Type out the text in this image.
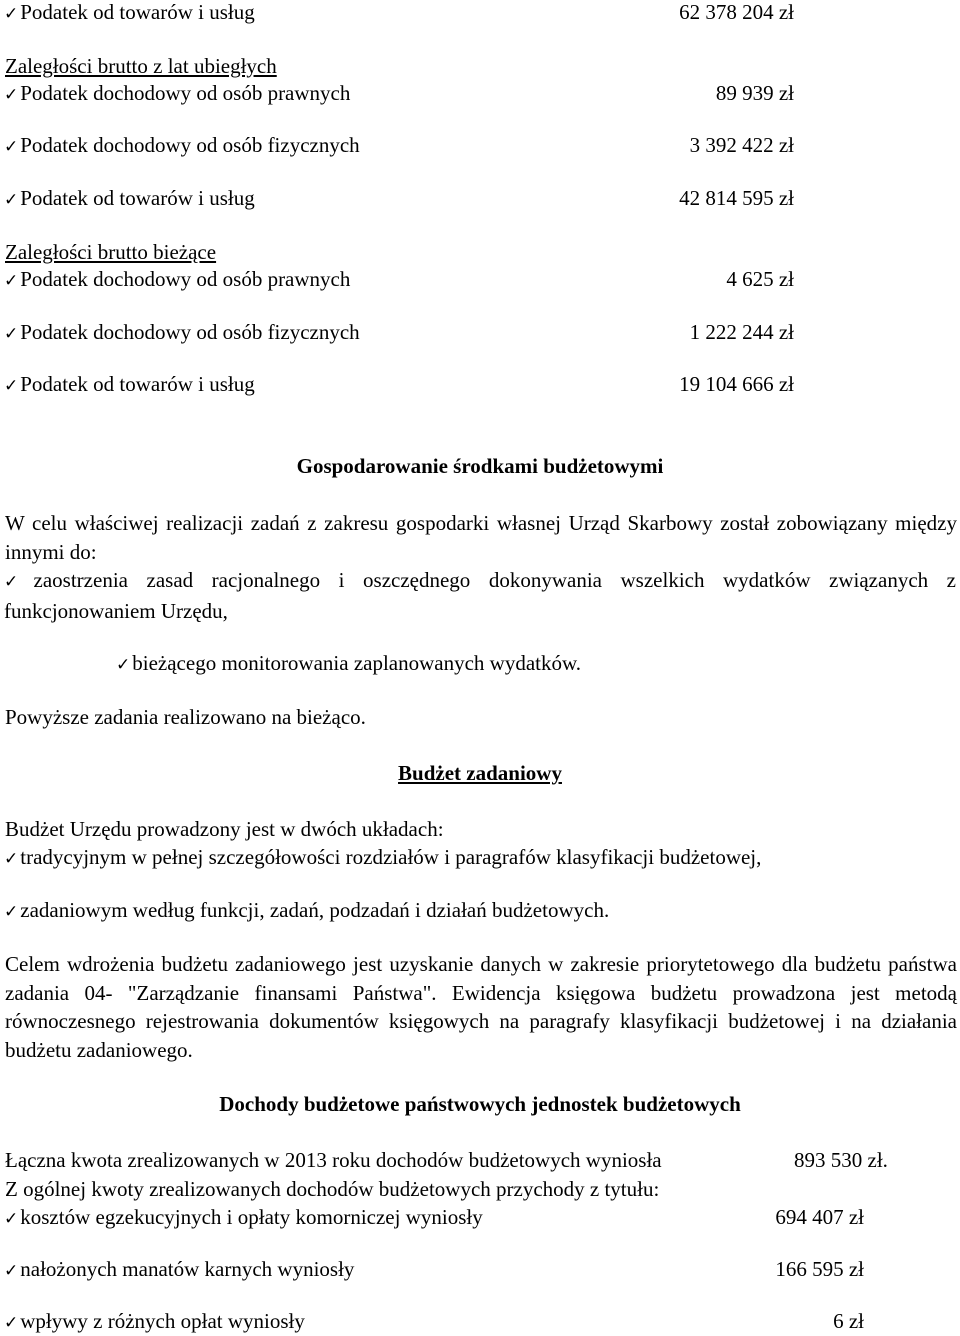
✓ Podatek od towarów i usług	62 378 204 zł
Zaległości brutto z lat ubiegłych
✓ Podatek dochodowy od osób prawnych	89 939 zł
✓ Podatek dochodowy od osób fizycznych	3 392 422 zł
✓ Podatek od towarów i usług	42 814 595 zł
Zaległości brutto bieżące
✓ Podatek dochodowy od osób prawnych	4 625 zł
✓ Podatek dochodowy od osób fizycznych	1 222 244 zł
✓ Podatek od towarów i usług	19 104 666 zł
Gospodarowanie środkami budżetowymi
W celu właściwej realizacji zadań z zakresu gospodarki własnej Urząd Skarbowy został zobowiązany między innymi do:
✓ zaostrzenia zasad racjonalnego i oszczędnego dokonywania wszelkich wydatków związanych z funkcjonowaniem Urzędu,
✓ bieżącego monitorowania zaplanowanych wydatków.
Powyższe zadania realizowano na bieżąco.
Budżet zadaniowy
Budżet Urzędu prowadzony jest w dwóch układach:
✓ tradycyjnym w pełnej szczegółowości rozdziałów i paragrafów klasyfikacji budżetowej,
✓ zadaniowym według funkcji, zadań, podzadań i działań budżetowych.
Celem wdrożenia budżetu zadaniowego jest uzyskanie danych w zakresie priorytetowego dla budżetu państwa zadania 04- "Zarządzanie finansami Państwa". Ewidencja księgowa budżetu prowadzona jest metodą równoczesnego rejestrowania dokumentów księgowych na paragrafy klasyfikacji budżetowej i na działania budżetu zadaniowego.
Dochody budżetowe państwowych jednostek budżetowych
Łączna kwota zrealizowanych w 2013 roku dochodów budżetowych wyniosła	893 530 zł.
Z ogólnej kwoty zrealizowanych dochodów budżetowych przychody z tytułu:
✓ kosztów egzekucyjnych i opłaty komorniczej wyniosły	694 407 zł
✓ nałożonych manatów karnych wyniosły	166 595 zł
✓ wpływy z różnych opłat wyniosły	6 zł
